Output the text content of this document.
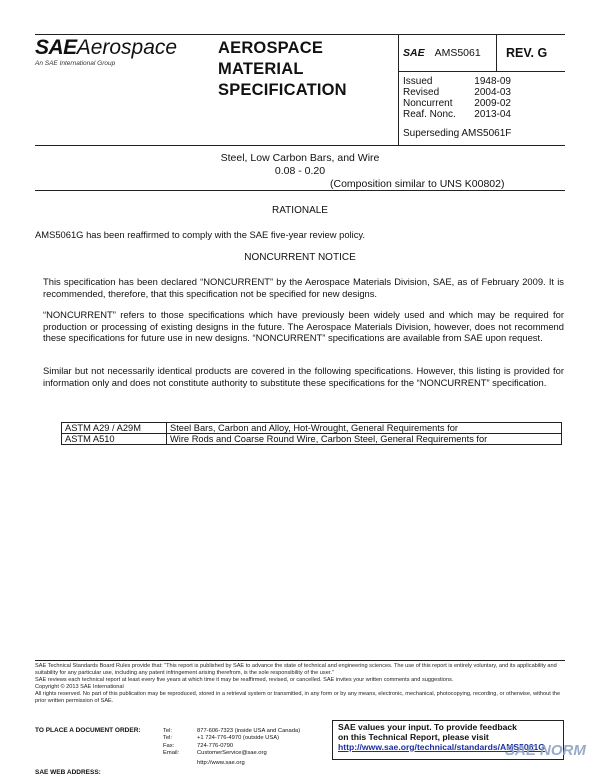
SAEAerospace
An SAE International Group
AEROSPACE
MATERIAL
SPECIFICATION
SAE AMS5061 REV. G
Issued	1948-09
Revised	2004-03
Noncurrent 2009-02
Reaf. Nonc. 2013-04
Superseding AMS5061F
Steel, Low Carbon Bars, and Wire
0.08 - 0.20
(Composition similar to UNS K00802)
RATIONALE
AMS5061G has been reaffirmed to comply with the SAE five-year review policy.
NONCURRENT NOTICE
This specification has been declared “NONCURRENT” by the Aerospace Materials Division, SAE, as of February 2009. It is recommended, therefore, that this specification not be specified for new designs.
“NONCURRENT” refers to those specifications which have previously been widely used and which may be required for production or processing of existing designs in the future. The Aerospace Materials Division, however, does not recommend these specifications for future use in new designs. “NONCURRENT” specifications are available from SAE upon request.
Similar but not necessarily identical products are covered in the following specifications. However, this listing is provided for information only and does not constitute authority to substitute these specifications for the “NONCURRENT” specification.
ASTM A29 / A29M	Steel Bars, Carbon and Alloy, Hot-Wrought, General Requirements for
ASTM A510	Wire Rods and Coarse Round Wire, Carbon Steel, General Requirements for
SAE Technical Standards Board Rules provide that: “This report is published by SAE to advance the state of technical and engineering sciences. The use of this report is entirely voluntary, and its applicability and suitability for any particular use, including any patent infringement arising therefrom, is the sole responsibility of the user.”
SAE reviews each technical report at least every five years at which time it may be reaffirmed, revised, or cancelled. SAE invites your written comments and suggestions.
Copyright © 2013 SAE International
All rights reserved. No part of this publication may be reproduced, stored in a retrieval system or transmitted, in any form or by any means, electronic, mechanical, photocopying, recording, or otherwise, without the prior written permission of SAE.
TO PLACE A DOCUMENT ORDER:
SAE WEB ADDRESS:
Tel:	877-606-7323 (inside USA and Canada)
Tel:	+1 724-776-4970 (outside USA)
Fax:	724-776-0790
Email:	CustomerService@sae.org
http://www.sae.org
SAE values your input. To provide feedback
on this Technical Report, please visit
http://www.sae.org/technical/standards/AMS5061G
SAE NORM
